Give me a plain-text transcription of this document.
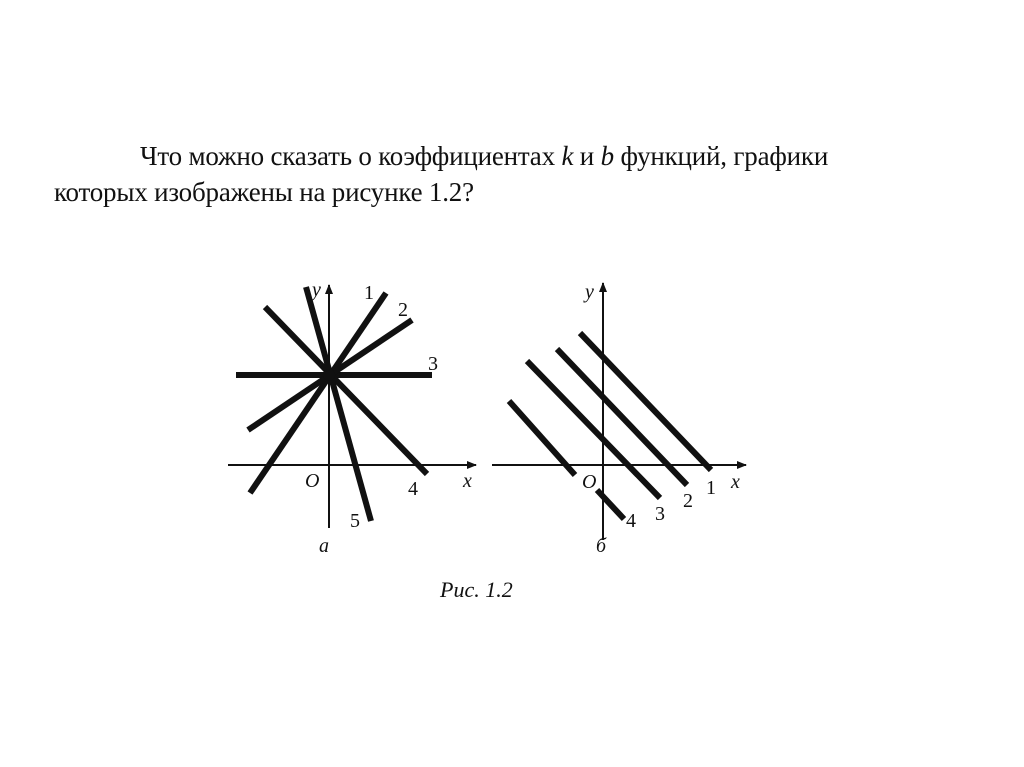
Что можно сказать о коэффициентах k и b функций, графики
которых изображены на рисунке 1.2?
y
x
O
1
2
3
4
5
а
y
x
O	1
2
3
4
б
Рис. 1.2
